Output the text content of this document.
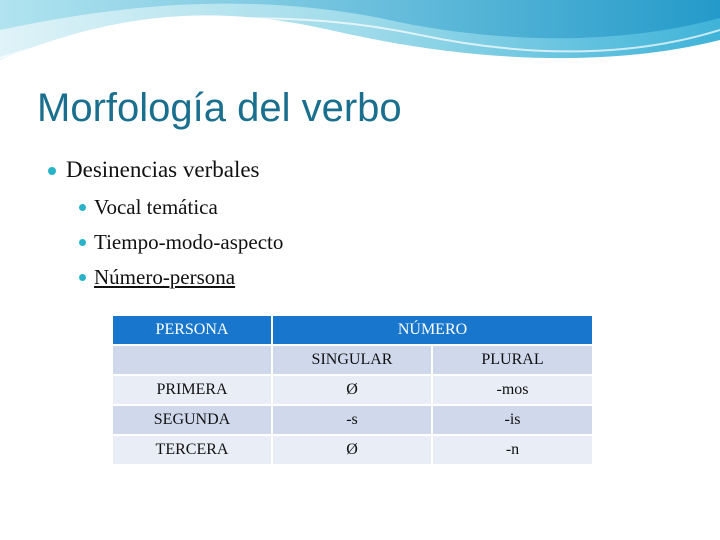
Morfología del verbo
Desinencias verbales
Vocal temática
Tiempo-modo-aspecto
Número-persona
PERSONA	NÚMERO	
	SINGULAR	PLURAL
PRIMERA	Ø	-mos
SEGUNDA	-s	-is
TERCERA	Ø	-n
